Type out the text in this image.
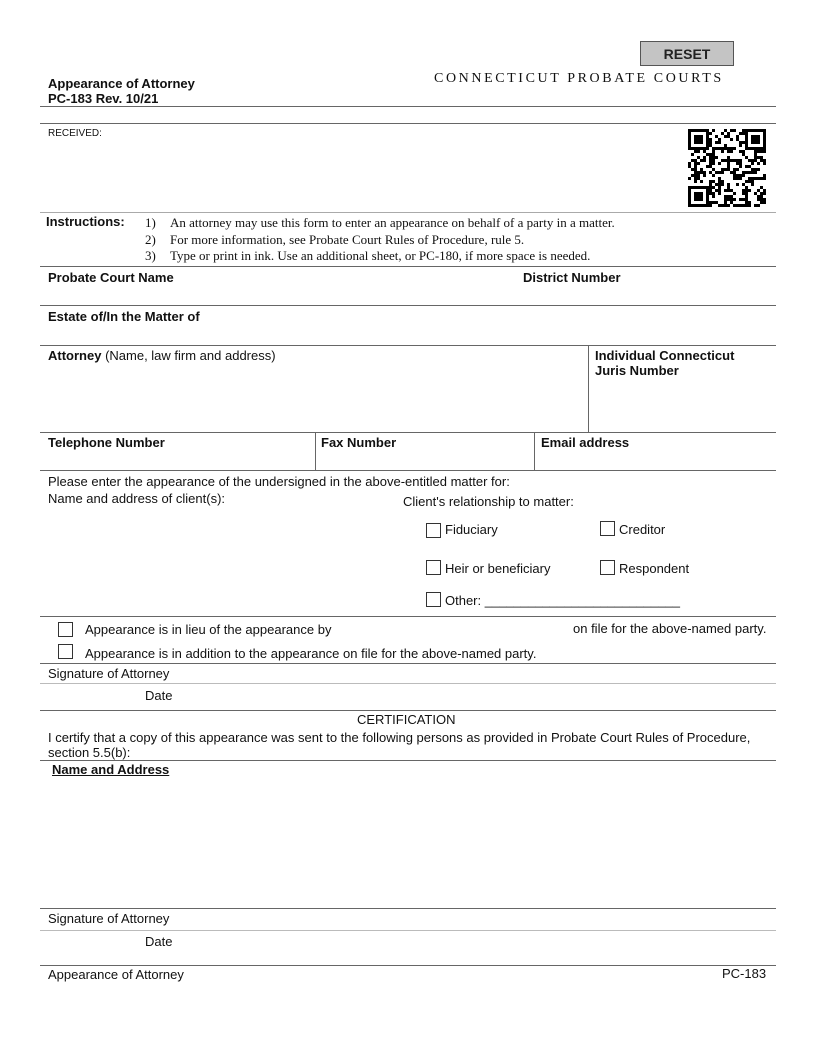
RESET
CONNECTICUT PROBATE COURTS
Appearance of Attorney
PC-183 Rev. 10/21
RECEIVED:
Instructions: 1) An attorney may use this form to enter an appearance on behalf of a party in a matter.
2) For more information, see Probate Court Rules of Procedure, rule 5.
3) Type or print in ink. Use an additional sheet, or PC-180, if more space is needed.
Probate Court Name	District Number
Estate of/In the Matter of
Attorney (Name, law firm and address)	Individual Connecticut
Juris Number
Telephone Number	Fax Number	Email address
Please enter the appearance of the undersigned in the above-entitled matter for:
Name and address of client(s):	Client's relationship to matter:
Fiduciary	Creditor
Heir or beneficiary	Respondent
Other: ___________________________
Appearance is in lieu of the appearance by	on file for the above-named party.
Appearance is in addition to the appearance on file for the above-named party.
Signature of Attorney
Date
CERTIFICATION
I certify that a copy of this appearance was sent to the following persons as provided in Probate Court Rules of Procedure,
section 5.5(b):
Name and Address
Signature of Attorney
Date
Appearance of Attorney	PC-183
